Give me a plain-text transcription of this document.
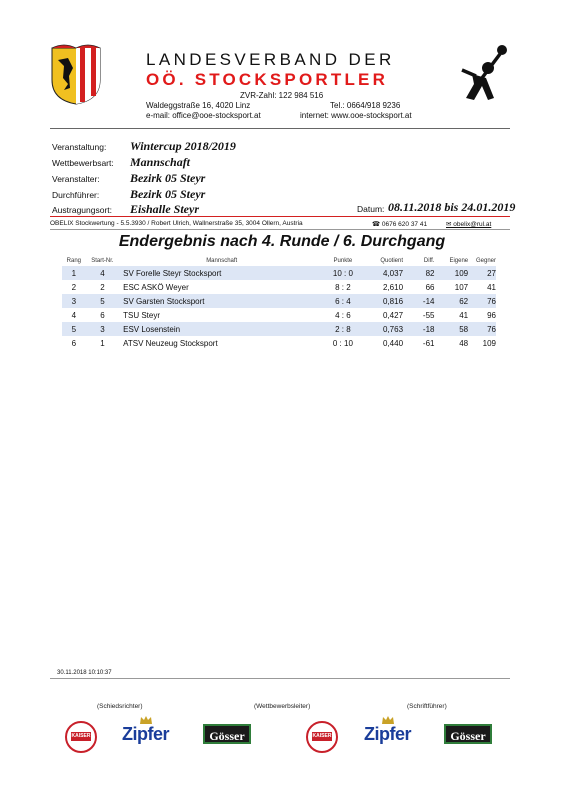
LANDESVERBAND DER
OÖ. STOCKSPORTLER
ZVR-Zahl: 122 984 516
Waldeggstraße 16, 4020 Linz	Tel.: 0664/918 9236
e-mail: office@ooe-stocksport.at	internet: www.ooe-stocksport.at
Veranstaltung: Wintercup 2018/2019
Wettbewerbsart: Mannschaft
Veranstalter:	Bezirk 05 Steyr
Durchführer:	Bezirk 05 Steyr
Austragungsort: Eishalle Steyr	Datum: 08.11.2018 bis 24.01.2019
OBELIX Stockwertung - 5.5.3930 / Robert Ulrich, Wallnerstraße 35, 3004 Ollern, Austria	☎ 0676 620 37 41	✉ obelix@rul.at
Endergebnis nach 4. Runde / 6. Durchgang
Rang	Start-Nr.	Mannschaft	Punkte	Quotient	Diff.	Eigene	Gegner
1	4	SV Forelle Steyr Stocksport	10 : 0	4,037	82	109	27
2	2	ESC ASKÖ Weyer	8 : 2	2,610	66	107	41
3	5	SV Garsten Stocksport	6 : 4	0,816	-14	62	76
4	6	TSU Steyr	4 : 6	0,427	-55	41	96
5	3	ESV Losenstein	2 : 8	0,763	-18	58	76
6	1	ATSV Neuzeug Stocksport	0 : 10	0,440	-61	48	109
30.11.2018 10:10:37
(Schiedsrichter)	(Wettbewerbsleiter)	(Schriftführer)
KAISER Zipfer	Gösser	KAISER Zipfer	Gösser
